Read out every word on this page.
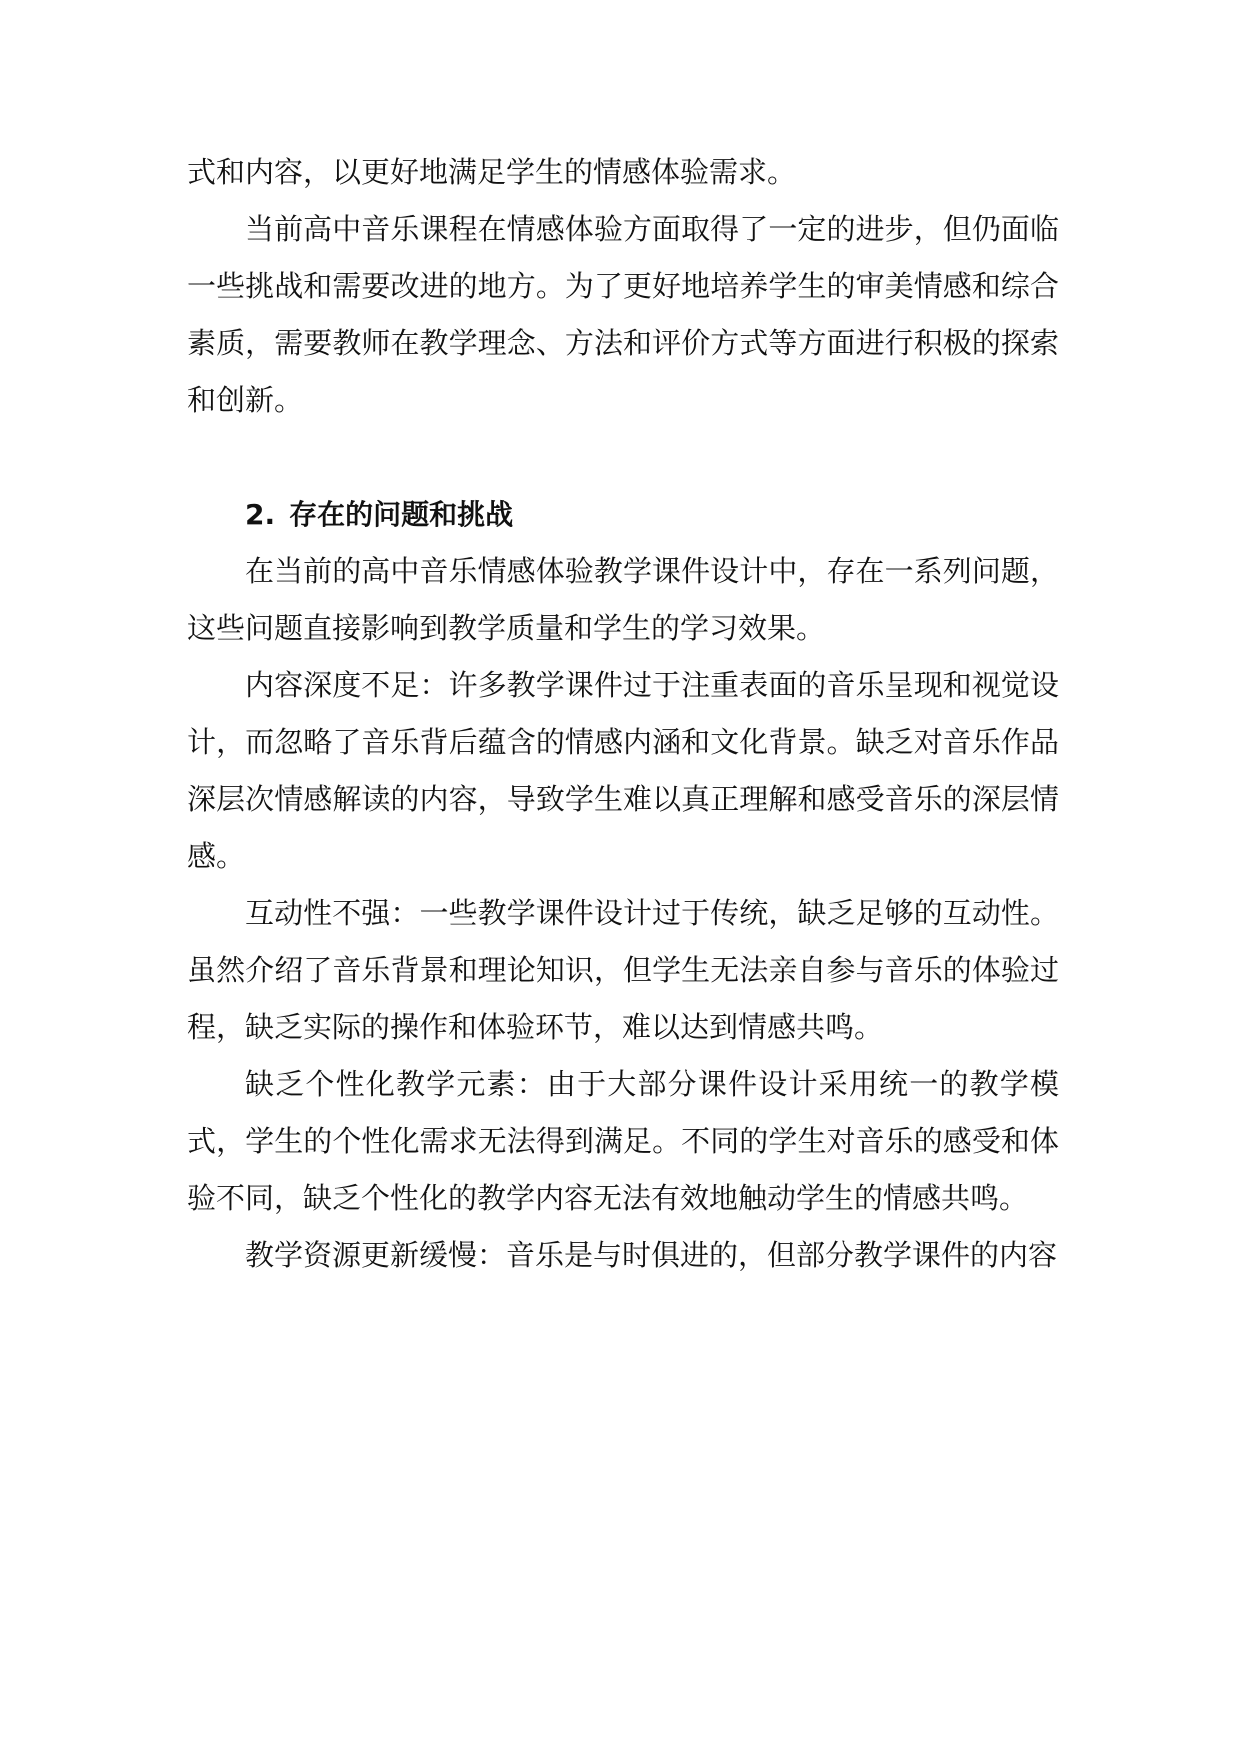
式和内容，以更好地满足学生的情感体验需求。

当前高中音乐课程在情感体验方面取得了一定的进步，但仍面临一些挑战和需要改进的地方。为了更好地培养学生的审美情感和综合素质，需要教师在教学理念、方法和评价方式等方面进行积极的探索和创新。

2. 存在的问题和挑战

在当前的高中音乐情感体验教学课件设计中，存在一系列问题，这些问题直接影响到教学质量和学生的学习效果。

内容深度不足：许多教学课件过于注重表面的音乐呈现和视觉设计，而忽略了音乐背后蕴含的情感内涵和文化背景。缺乏对音乐作品深层次情感解读的内容，导致学生难以真正理解和感受音乐的深层情感。

互动性不强：一些教学课件设计过于传统，缺乏足够的互动性。虽然介绍了音乐背景和理论知识，但学生无法亲自参与音乐的体验过程，缺乏实际的操作和体验环节，难以达到情感共鸣。

缺乏个性化教学元素：由于大部分课件设计采用统一的教学模式，学生的个性化需求无法得到满足。不同的学生对音乐的感受和体验不同，缺乏个性化的教学内容无法有效地触动学生的情感共鸣。

教学资源更新缓慢：音乐是与时俱进的，但部分教学课件的内容
